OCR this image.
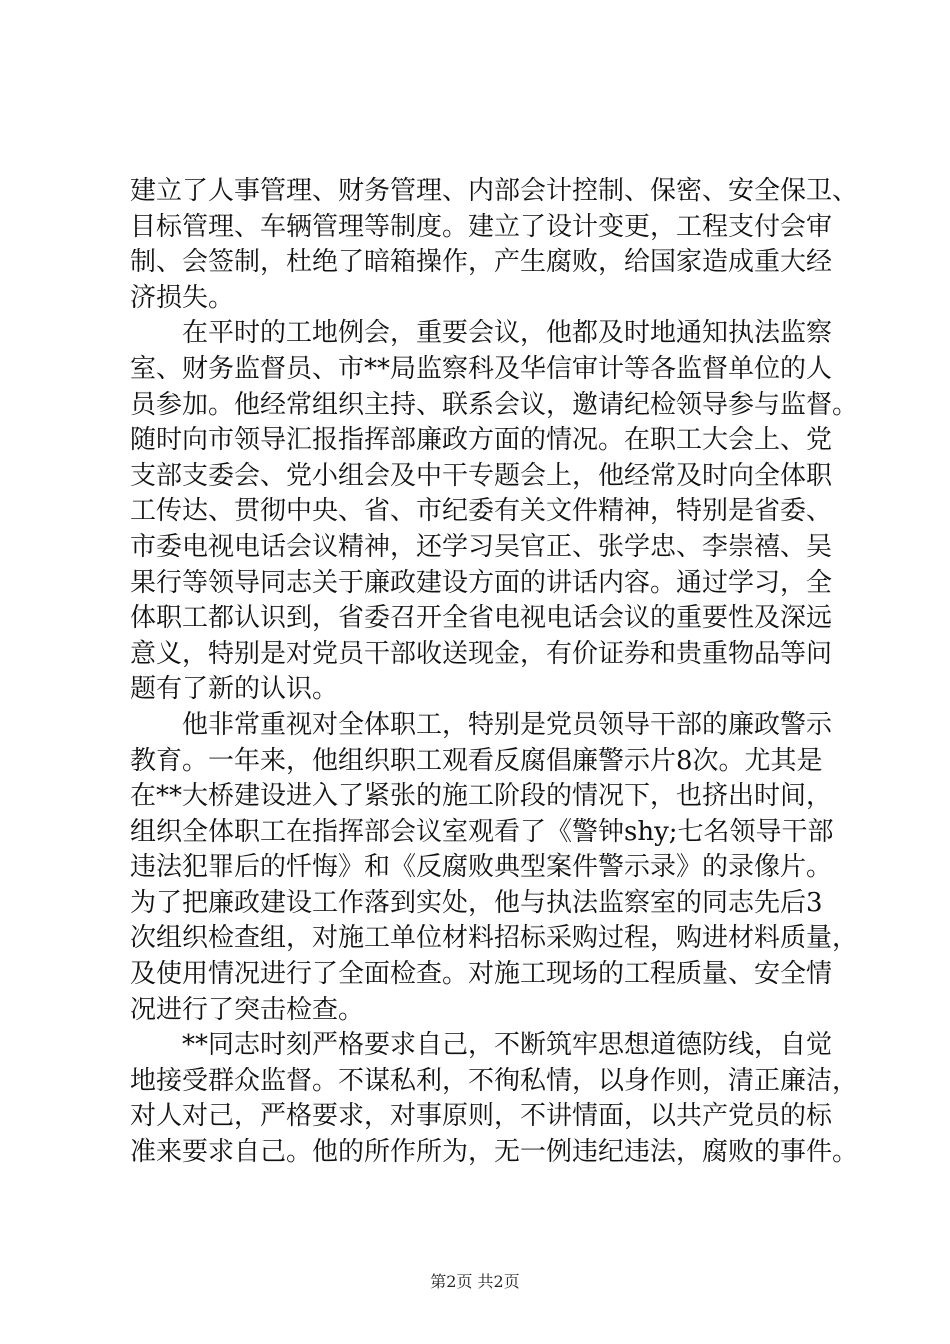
建立了人事管理、财务管理、内部会计控制、保密、安全保卫、
目标管理、车辆管理等制度。建立了设计变更，工程支付会审
制、会签制，杜绝了暗箱操作，产生腐败，给国家造成重大经
济损失。
在平时的工地例会，重要会议，他都及时地通知执法监察
室、财务监督员、市**局监察科及华信审计等各监督单位的人
员参加。他经常组织主持、联系会议，邀请纪检领导参与监督。
随时向市领导汇报指挥部廉政方面的情况。在职工大会上、党
支部支委会、党小组会及中干专题会上，他经常及时向全体职
工传达、贯彻中央、省、市纪委有关文件精神，特别是省委、
市委电视电话会议精神，还学习吴官正、张学忠、李崇禧、吴
果行等领导同志关于廉政建设方面的讲话内容。通过学习，全
体职工都认识到，省委召开全省电视电话会议的重要性及深远
意义，特别是对党员干部收送现金，有价证券和贵重物品等问
题有了新的认识。
他非常重视对全体职工，特别是党员领导干部的廉政警示
教育。一年来，他组织职工观看反腐倡廉警示片8次。尤其是
在**大桥建设进入了紧张的施工阶段的情况下，也挤出时间，
组织全体职工在指挥部会议室观看了《警钟shy;七名领导干部
违法犯罪后的忏悔》和《反腐败典型案件警示录》的录像片。
为了把廉政建设工作落到实处，他与执法监察室的同志先后3
次组织检查组，对施工单位材料招标采购过程，购进材料质量，
及使用情况进行了全面检查。对施工现场的工程质量、安全情
况进行了突击检查。
**同志时刻严格要求自己，不断筑牢思想道德防线，自觉
地接受群众监督。不谋私利，不徇私情，以身作则，清正廉洁，
对人对己，严格要求，对事原则，不讲情面，以共产党员的标
准来要求自己。他的所作所为，无一例违纪违法，腐败的事件。
第2页 共2页
